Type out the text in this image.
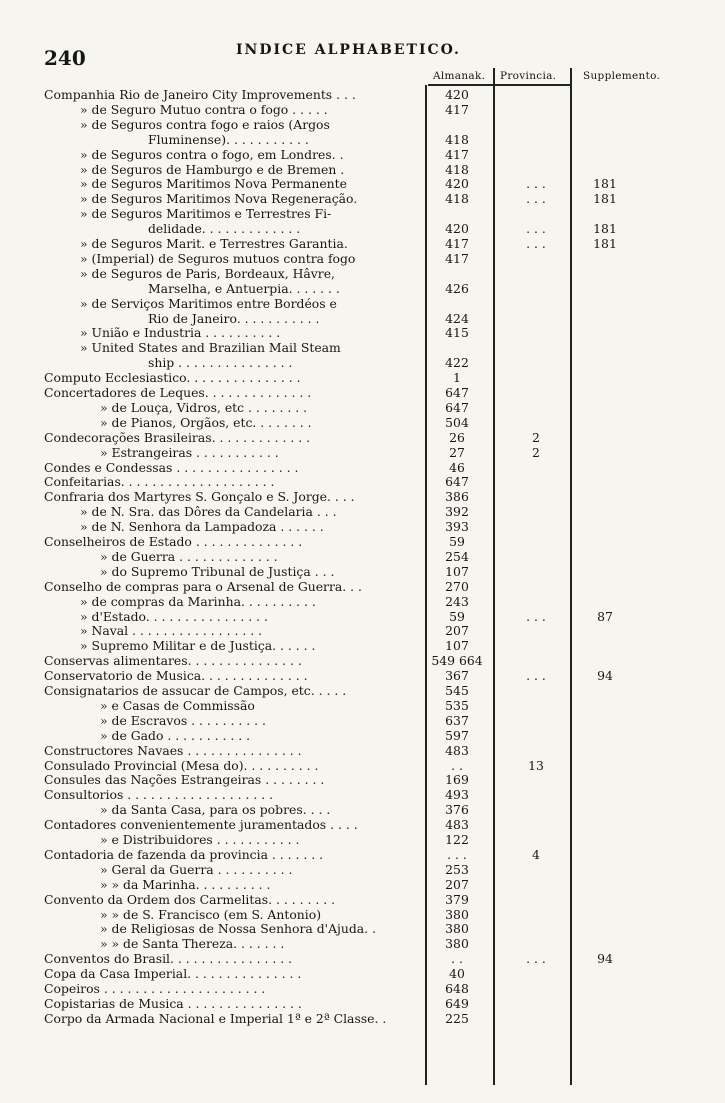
240	INDICE ALPHABETICO.
Almanak. Provincia.	Supplemento.
Companhia Rio de Janeiro City Improvements . . .	420
» de Seguro Mutuo contra o fogo . . . . .	417
» de Seguros contra fogo e raios (Argos
Fluminense). . . . . . . . . . .	418
» de Seguros contra o fogo, em Londres. .	417
» de Seguros de Hamburgo e de Bremen .	418
» de Seguros Maritimos Nova Permanente	420	. . .	181
» de Seguros Maritimos Nova Regeneração.	418	. . .	181
» de Seguros Maritimos e Terrestres Fi-
delidade. . . . . . . . . . . . .	420	. . .	181
» de Seguros Marit. e Terrestres Garantia.	417	. . .	181
» (Imperial) de Seguros mutuos contra fogo	417
» de Seguros de Paris, Bordeaux, Hâvre,
Marselha, e Antuerpia. . . . . . .	426
» de Serviços Maritimos entre Bordéos e
Rio de Janeiro. . . . . . . . . . .	424
» União e Industria . . . . . . . . . .	415
» United States and Brazilian Mail Steam
ship . . . . . . . . . . . . . . .	422
Computo Ecclesiastico. . . . . . . . . . . . . . .	1
Concertadores de Leques. . . . . . . . . . . . . .	647
» de Louça, Vidros, etc . . . . . . . .	647
» de Pianos, Orgãos, etc. . . . . . . .	504
Condecorações Brasileiras. . . . . . . . . . . . .	26	2
» Estrangeiras . . . . . . . . . . .	27	2
Condes e Condessas . . . . . . . . . . . . . . . .	46
Confeitarias. . . . . . . . . . . . . . . . . . . .	647
Confraria dos Martyres S. Gonçalo e S. Jorge. . . .	386
» de N. Sra. das Dôres da Candelaria . . .	392
» de N. Senhora da Lampadoza . . . . . .	393
Conselheiros de Estado . . . . . . . . . . . . . .	59
» de Guerra . . . . . . . . . . . . .	254
» do Supremo Tribunal de Justiça . . .	107
Conselho de compras para o Arsenal de Guerra. . .	270
» de compras da Marinha. . . . . . . . . .	243
» d'Estado. . . . . . . . . . . . . . . .	59	. . .	87
» Naval . . . . . . . . . . . . . . . . .	207
» Supremo Militar e de Justiça. . . . . .	107
Conservas alimentares. . . . . . . . . . . . . . .	549 664
Conservatorio de Musica. . . . . . . . . . . . . .	367	. . .	94
Consignatarios de assucar de Campos, etc. . . . .	545
» e Casas de Commissão	535
» de Escravos . . . . . . . . . .	637
» de Gado . . . . . . . . . . .	597
Constructores Navaes . . . . . . . . . . . . . . .	483
Consulado Provincial (Mesa do). . . . . . . . . .	. .	13
Consules das Nações Estrangeiras . . . . . . . .	169
Consultorios . . . . . . . . . . . . . . . . . . .	493
» da Santa Casa, para os pobres. . . .	376
Contadores convenientemente juramentados . . . .	483
» e Distribuidores . . . . . . . . . . .	122
Contadoria de fazenda da provincia . . . . . . .	. . .	4
» Geral da Guerra . . . . . . . . . .	253
» » da Marinha. . . . . . . . . .	207
Convento da Ordem dos Carmelitas. . . . . . . . .	379
» » de S. Francisco (em S. Antonio)	380
» de Religiosas de Nossa Senhora d'Ajuda. .	380
» » de Santa Thereza. . . . . . .	380
Conventos do Brasil. . . . . . . . . . . . . . . .	. .	. . .	94
Copa da Casa Imperial. . . . . . . . . . . . . . .	40
Copeiros . . . . . . . . . . . . . . . . . . . . .	648
Copistarias de Musica . . . . . . . . . . . . . . .	649
Corpo da Armada Nacional e Imperial 1ª e 2ª Classe. .	225
